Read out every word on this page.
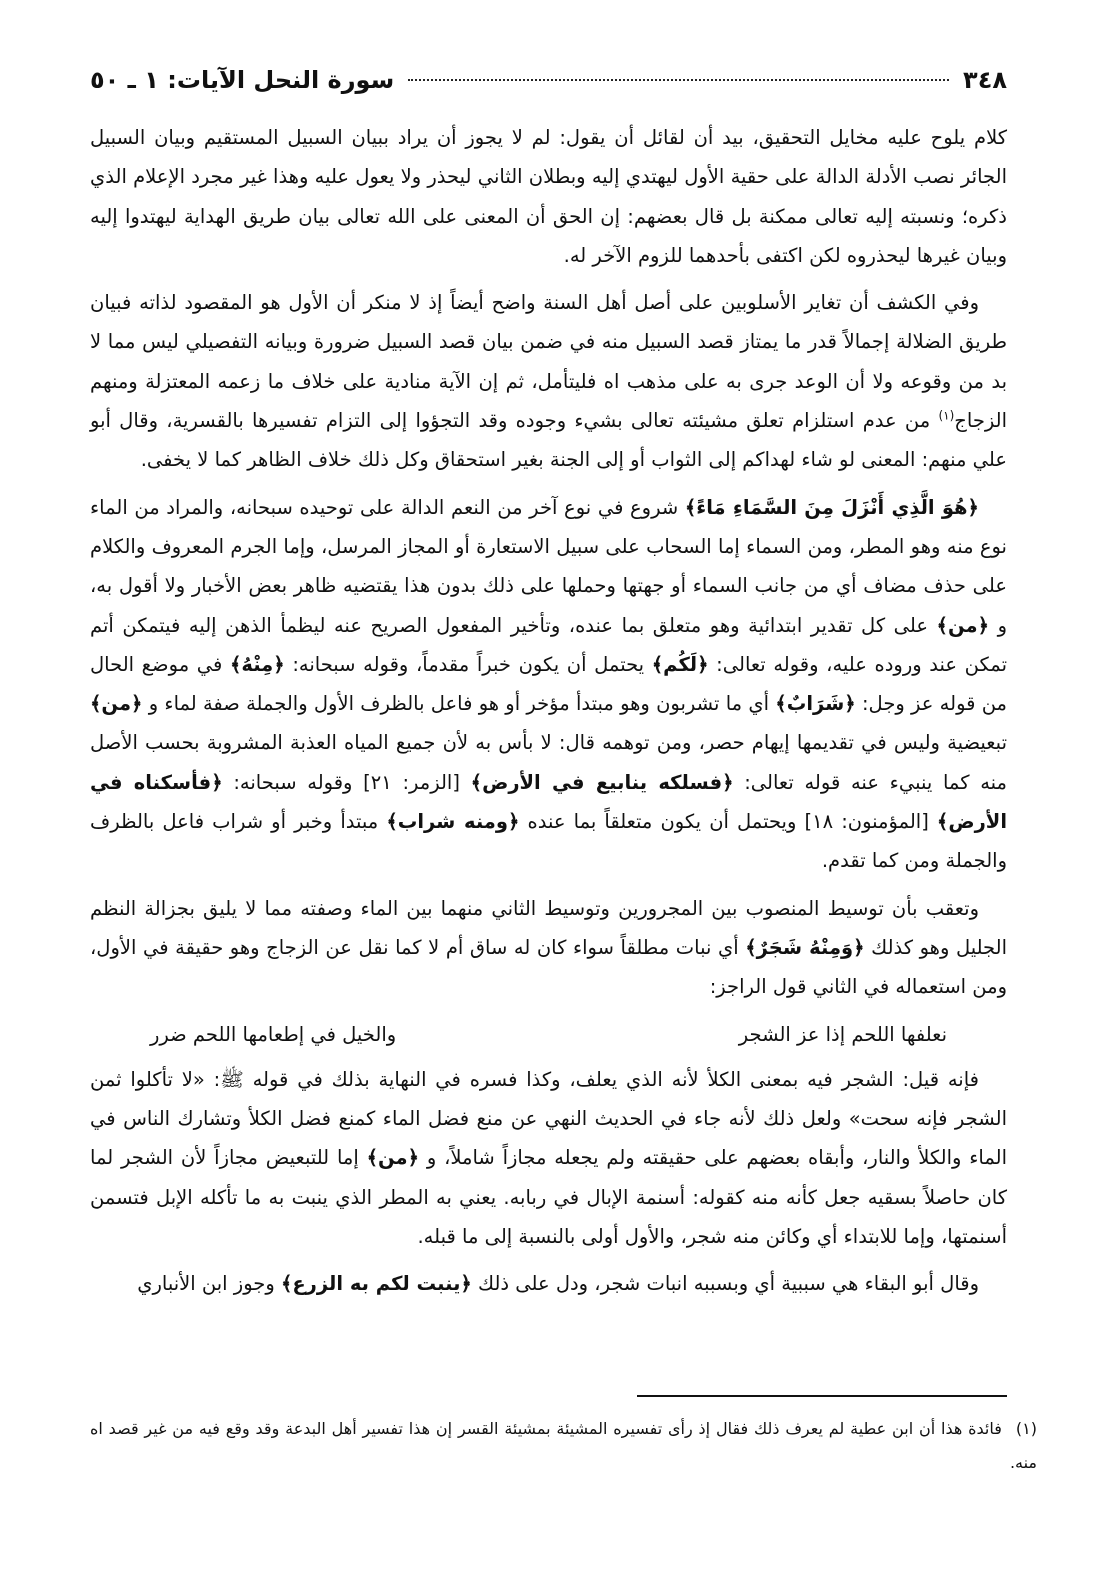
٣٤٨
سورة النحل الآيات: ١ ـ ٥٠

كلام يلوح عليه مخايل التحقيق، بيد أن لقائل أن يقول: لم لا يجوز أن يراد ببيان السبيل المستقيم وبيان السبيل الجائر نصب الأدلة الدالة على حقية الأول ليهتدي إليه وبطلان الثاني ليحذر ولا يعول عليه وهذا غير مجرد الإعلام الذي ذكره؛ ونسبته إليه تعالى ممكنة بل قال بعضهم: إن الحق أن المعنى على الله تعالى بيان طريق الهداية ليهتدوا إليه وبيان غيرها ليحذروه لكن اكتفى بأحدهما للزوم الآخر له.

وفي الكشف أن تغاير الأسلوبين على أصل أهل السنة واضح أيضاً إذ لا منكر أن الأول هو المقصود لذاته فبيان طريق الضلالة إجمالاً قدر ما يمتاز قصد السبيل منه في ضمن بيان قصد السبيل ضرورة وبيانه التفصيلي ليس مما لا بد من وقوعه ولا أن الوعد جرى به على مذهب اه فليتأمل، ثم إن الآية منادية على خلاف ما زعمه المعتزلة ومنهم الزجاج$^{(١)}$ من عدم استلزام تعلق مشيئته تعالى بشيء وجوده وقد التجؤوا إلى التزام تفسيرها بالقسرية، وقال أبو علي منهم: المعنى لو شاء لهداكم إلى الثواب أو إلى الجنة بغير استحقاق وكل ذلك خلاف الظاهر كما لا يخفى.

﴿هُوَ الَّذِي أَنْزَلَ مِنَ السَّمَاءِ مَاءً﴾ شروع في نوع آخر من النعم الدالة على توحيده سبحانه، والمراد من الماء نوع منه وهو المطر، ومن السماء إما السحاب على سبيل الاستعارة أو المجاز المرسل، وإما الجرم المعروف والكلام على حذف مضاف أي من جانب السماء أو جهتها وحملها على ذلك بدون هذا يقتضيه ظاهر بعض الأخبار ولا أقول به، و ﴿من﴾ على كل تقدير ابتدائية وهو متعلق بما عنده، وتأخير المفعول الصريح عنه ليظمأ الذهن إليه فيتمكن أتم تمكن عند وروده عليه، وقوله تعالى: ﴿لَكُم﴾ يحتمل أن يكون خبراً مقدماً، وقوله سبحانه: ﴿مِنْهُ﴾ في موضع الحال من قوله عز وجل: ﴿شَرَابٌ﴾ أي ما تشربون وهو مبتدأ مؤخر أو هو فاعل بالظرف الأول والجملة صفة لماء و ﴿من﴾ تبعيضية وليس في تقديمها إيهام حصر، ومن توهمه قال: لا بأس به لأن جميع المياه العذبة المشروبة بحسب الأصل منه كما ينبيء عنه قوله تعالى: ﴿فسلكه ينابيع في الأرض﴾ [الزمر: ٢١] وقوله سبحانه: ﴿فأسكناه في الأرض﴾ [المؤمنون: ١٨] ويحتمل أن يكون متعلقاً بما عنده ﴿ومنه شراب﴾ مبتدأ وخبر أو شراب فاعل بالظرف والجملة ومن كما تقدم.

وتعقب بأن توسيط المنصوب بين المجرورين وتوسيط الثاني منهما بين الماء وصفته مما لا يليق بجزالة النظم الجليل وهو كذلك ﴿وَمِنْهُ شَجَرٌ﴾ أي نبات مطلقاً سواء كان له ساق أم لا كما نقل عن الزجاج وهو حقيقة في الأول، ومن استعماله في الثاني قول الراجز:

نعلفها اللحم إذا عز الشجر
والخيل في إطعامها اللحم ضرر

فإنه قيل: الشجر فيه بمعنى الكلأ لأنه الذي يعلف، وكذا فسره في النهاية بذلك في قوله ﷺ: «لا تأكلوا ثمن الشجر فإنه سحت» ولعل ذلك لأنه جاء في الحديث النهي عن منع فضل الماء كمنع فضل الكلأ وتشارك الناس في الماء والكلأ والنار، وأبقاه بعضهم على حقيقته ولم يجعله مجازاً شاملاً، و ﴿من﴾ إما للتبعيض مجازاً لأن الشجر لما كان حاصلاً بسقيه جعل كأنه منه كقوله: أسنمة الإبال في ربابه. يعني به المطر الذي ينبت به ما تأكله الإبل فتسمن أسنمتها، وإما للابتداء أي وكائن منه شجر، والأول أولى بالنسبة إلى ما قبله.

وقال أبو البقاء هي سببية أي وبسببه انبات شجر، ودل على ذلك ﴿ينبت لكم به الزرع﴾ وجوز ابن الأنباري

(١)فائدة هذا أن ابن عطية لم يعرف ذلك فقال إذ رأى تفسيره المشيئة بمشيئة القسر إن هذا تفسير أهل البدعة وقد وقع فيه من غير قصد اه منه.
